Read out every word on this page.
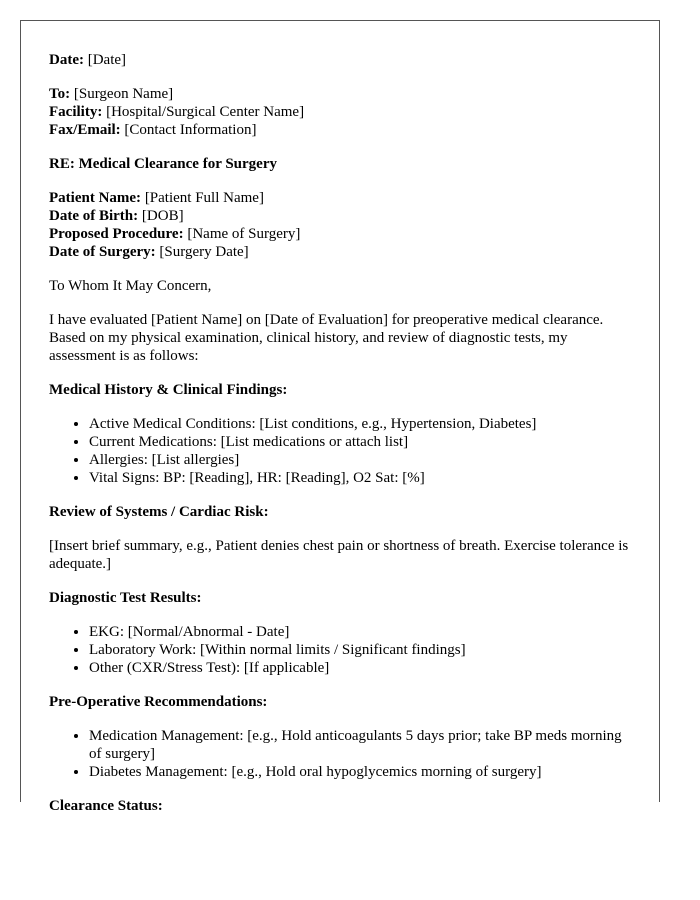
Date: [Date]

To: [Surgeon Name]

Facility: [Hospital/Surgical Center Name]

Fax/Email: [Contact Information]

RE: Medical Clearance for Surgery

Patient Name: [Patient Full Name]

Date of Birth: [DOB]

Proposed Procedure: [Name of Surgery]

Date of Surgery: [Surgery Date]

To Whom It May Concern,

I have evaluated [Patient Name] on [Date of Evaluation] for preoperative medical clearance. Based on my physical examination, clinical history, and review of diagnostic tests, my assessment is as follows:

Medical History & Clinical Findings:
• Active Medical Conditions: [List conditions, e.g., Hypertension, Diabetes]
• Current Medications: [List medications or attach list]
• Allergies: [List allergies]
• Vital Signs: BP: [Reading], HR: [Reading], O2 Sat: [%]
Review of Systems / Cardiac Risk:

[Insert brief summary, e.g., Patient denies chest pain or shortness of breath. Exercise tolerance is adequate.]

Diagnostic Test Results:
• EKG: [Normal/Abnormal - Date]
• Laboratory Work: [Within normal limits / Significant findings]
• Other (CXR/Stress Test): [If applicable]
Pre-Operative Recommendations:
• Medication Management: [e.g., Hold anticoagulants 5 days prior; take BP meds morning of surgery]
• Diabetes Management: [e.g., Hold oral hypoglycemics morning of surgery]
Clearance Status:
